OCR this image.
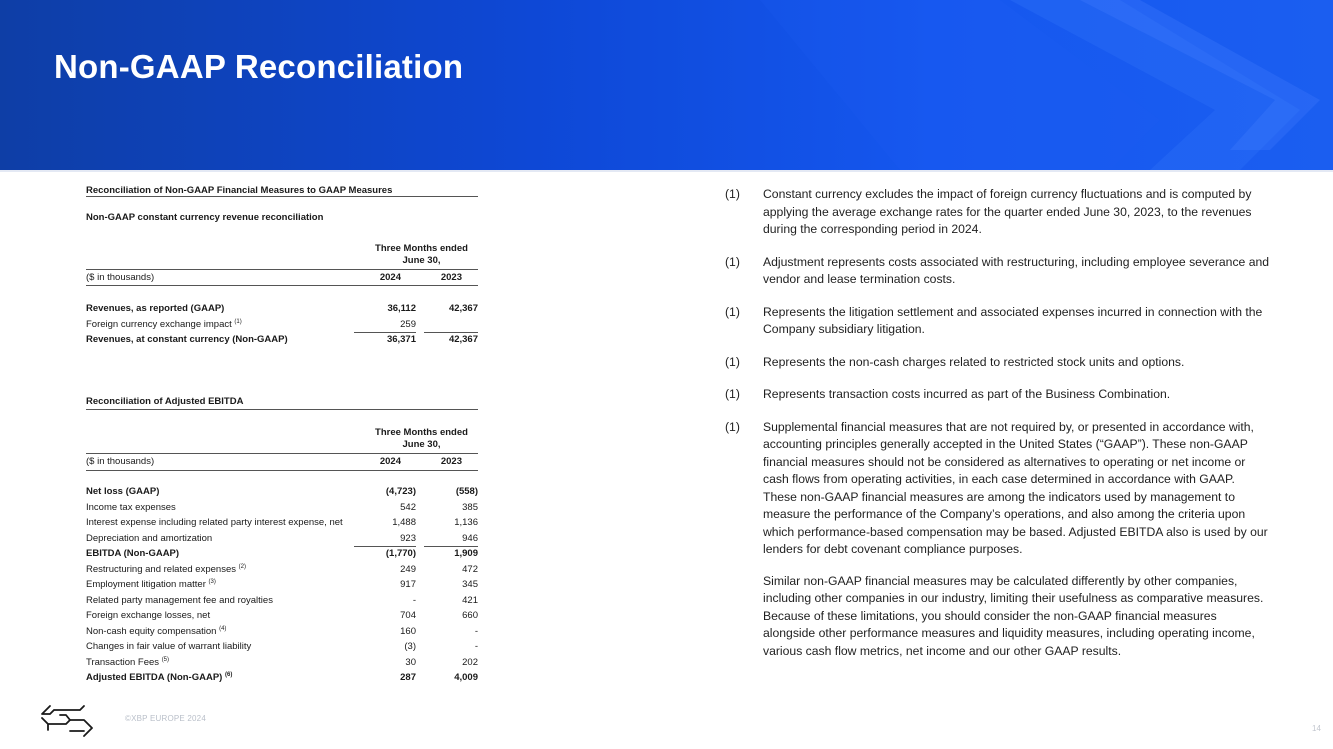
Non-GAAP Reconciliation
Reconciliation of Non-GAAP Financial Measures to GAAP Measures
Non-GAAP constant currency revenue reconciliation
Three Months ended
June 30,
($ in thousands)	2024	2023
Revenues, as reported (GAAP)	36,112	42,367
Foreign currency exchange impact $^{(1)}$	259
Revenues, at constant currency (Non-GAAP)	36,371	42,367
Reconciliation of Adjusted EBITDA
Three Months ended
June 30,
($ in thousands)	2024	2023
Net loss (GAAP)	(4,723)	(558)
Income tax expenses	542	385
Interest expense including related party interest expense, net	1,488	1,136
Depreciation and amortization	923	946
EBITDA (Non-GAAP)	(1,770)	1,909
Restructuring and related expenses $^{(2)}$	249	472
Employment litigation matter $^{(3)}$	917	345
Related party management fee and royalties	-	421
Foreign exchange losses, net	704	660
Non-cash equity compensation $^{(4)}$	160	-
Changes in fair value of warrant liability	(3)	-
Transaction Fees $^{(5)}$	30	202
Adjusted EBITDA (Non-GAAP) $^{(6)}$	287	4,009

(1) Constant currency excludes the impact of foreign currency fluctuations and is computed by applying the average exchange rates for the quarter ended June 30, 2023, to the revenues during the corresponding period in 2024.

(1) Adjustment represents costs associated with restructuring, including employee severance and vendor and lease termination costs.

(1) Represents the litigation settlement and associated expenses incurred in connection with the Company subsidiary litigation.

(1) Represents the non-cash charges related to restricted stock units and options.

(1) Represents transaction costs incurred as part of the Business Combination.

(1) Supplemental financial measures that are not required by, or presented in accordance with, accounting principles generally accepted in the United States (“GAAP”). These non-GAAP financial measures should not be considered as alternatives to operating or net income or cash flows from operating activities, in each case determined in accordance with GAAP. These non-GAAP financial measures are among the indicators used by management to measure the performance of the Company’s operations, and also among the criteria upon which performance-based compensation may be based. Adjusted EBITDA also is used by our lenders for debt covenant compliance purposes.

Similar non-GAAP financial measures may be calculated differently by other companies, including other companies in our industry, limiting their usefulness as comparative measures. Because of these limitations, you should consider the non-GAAP financial measures alongside other performance measures and liquidity measures, including operating income, various cash flow metrics, net income and our other GAAP results.

©XBP EUROPE 2024
14
